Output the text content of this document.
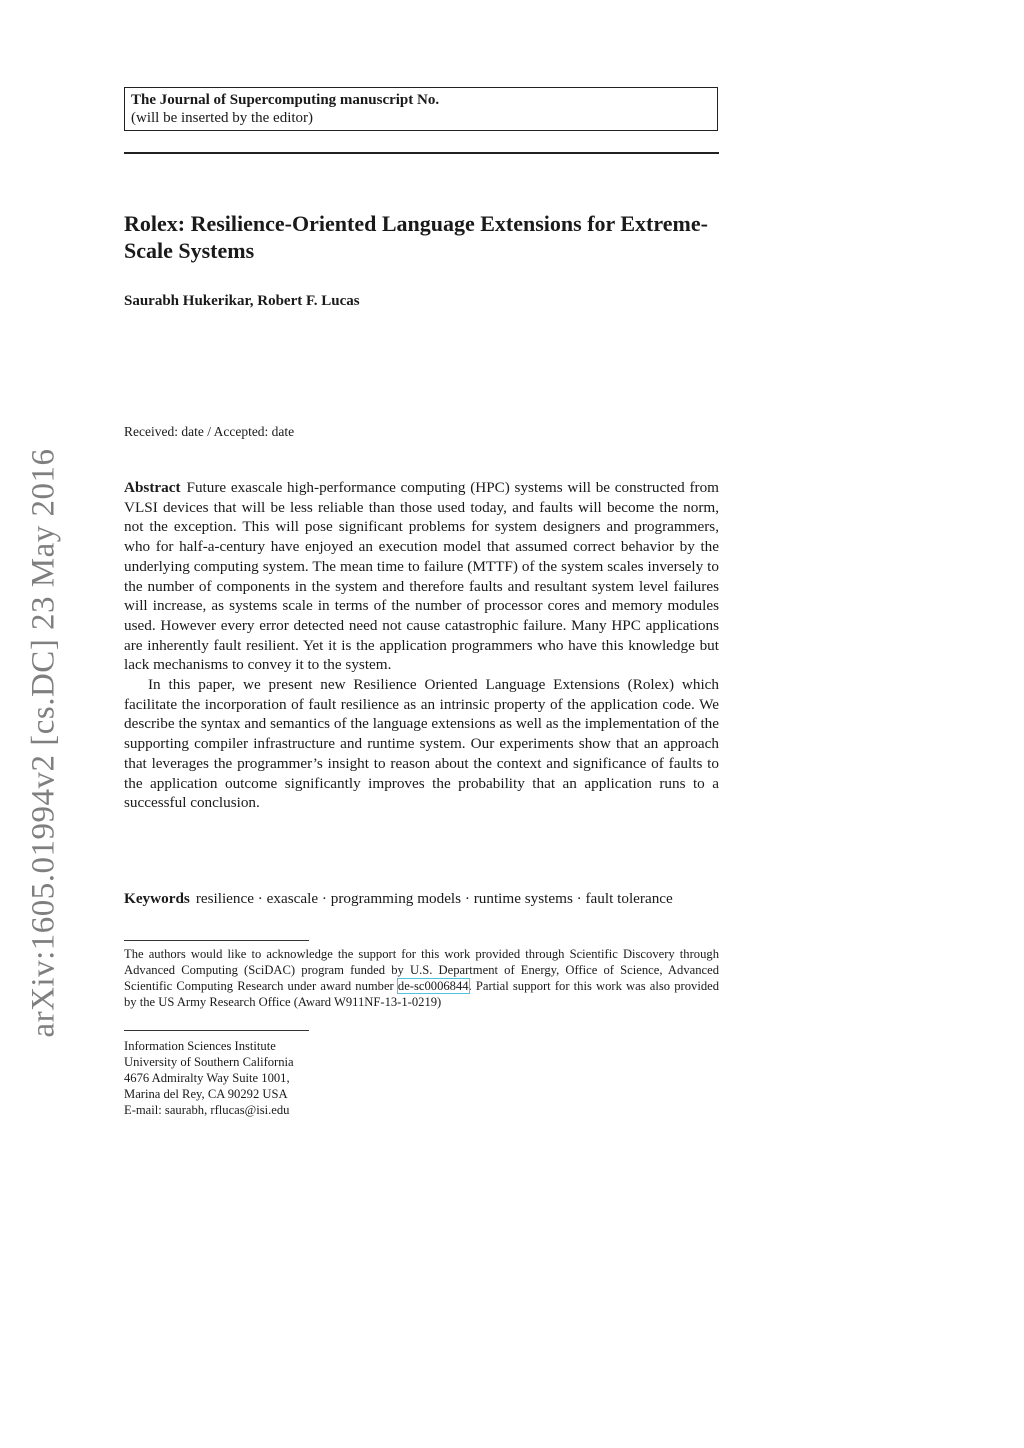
arXiv:1605.01994v2 [cs.DC] 23 May 2016
The Journal of Supercomputing manuscript No.
(will be inserted by the editor)
Rolex: Resilience-Oriented Language Extensions for Extreme-Scale Systems
Saurabh Hukerikar, Robert F. Lucas
Received: date / Accepted: date

Abstract Future exascale high-performance computing (HPC) systems will be constructed from VLSI devices that will be less reliable than those used today, and faults will become the norm, not the exception. This will pose significant problems for system designers and programmers, who for half-a-century have enjoyed an execution model that assumed correct behavior by the underlying computing system. The mean time to failure (MTTF) of the system scales inversely to the number of components in the system and therefore faults and resultant system level failures will increase, as systems scale in terms of the number of processor cores and memory modules used. However every error detected need not cause catastrophic failure. Many HPC applications are inherently fault resilient. Yet it is the application programmers who have this knowledge but lack mechanisms to convey it to the system.

In this paper, we present new Resilience Oriented Language Extensions (Rolex) which facilitate the incorporation of fault resilience as an intrinsic property of the application code. We describe the syntax and semantics of the language extensions as well as the implementation of the supporting compiler infrastructure and runtime system. Our experiments show that an approach that leverages the programmer’s insight to reason about the context and significance of faults to the application outcome significantly improves the probability that an application runs to a successful conclusion.

Keywords resilience · exascale · programming models · runtime systems · fault tolerance
The authors would like to acknowledge the support for this work provided through Scientific Discovery through Advanced Computing (SciDAC) program funded by U.S. Department of Energy, Office of Science, Advanced Scientific Computing Research under award number de-sc0006844. Partial support for this work was also provided by the US Army Research Office (Award W911NF-13-1-0219)
Information Sciences Institute
University of Southern California
4676 Admiralty Way Suite 1001,
Marina del Rey, CA 90292 USA
E-mail: saurabh, rflucas@isi.edu
